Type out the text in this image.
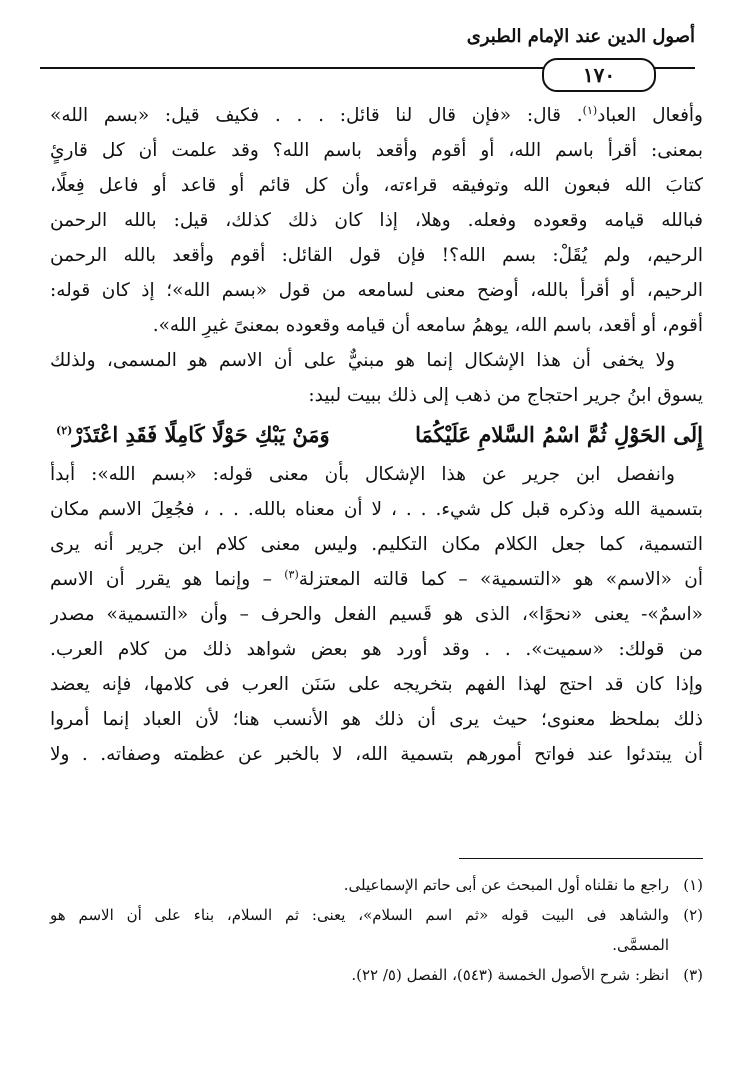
أصول الدين عند الإمام الطبرى
١٧٠
وأفعال العباد$^{(١)}$. قال: «فإن قال لنا قائل: . . . فكيف قيل: «بسم الله»
بمعنى: أقرأ باسم الله، أو أقوم وأقعد باسم الله؟ وقد علمت أن كل قارئٍ
كتابَ الله فبعون الله وتوفيقه قراءته، وأن كل قائم أو قاعد أو فاعل فِعلًا،
فبالله قيامه وقعوده وفعله. وهلا، إذا كان ذلك كذلك، قيل: بالله الرحمن
الرحيم، ولم يُقَلْ: بسم الله؟! فإن قول القائل: أقوم وأقعد بالله الرحمن
الرحيم، أو أقرأ بالله، أوضح معنى لسامعه من قول «بسم الله»؛ إذ كان قوله:
أقوم، أو أقعد، باسم الله، يوهمُ سامعه أن قيامه وقعوده بمعنىً غيرِ الله».
ولا يخفى أن هذا الإشكال إنما هو مبنيٌّ على أن الاسم هو المسمى، ولذلك
يسوق ابنُ جرير احتجاج من ذهب إلى ذلك ببيت لبيد:
إِلَى الحَوْلِ ثُمَّ اسْمُ السَّلامِ عَلَيْكُمَا
وَمَنْ يَبْكِ حَوْلًا كَامِلًا فَقَدِ اعْتَذَرْ$^{(٢)}$
وانفصل ابن جرير عن هذا الإشكال بأن معنى قوله: «بسم الله»: أبدأ
بتسمية الله وذكره قبل كل شيء. . . ، لا أن معناه بالله. . . ، فجُعِلَ الاسم مكان
التسمية، كما جعل الكلام مكان التكليم. وليس معنى كلام ابن جرير أنه يرى
أن «الاسم» هو «التسمية» – كما قالته المعتزلة$^{(٣)}$ – وإنما هو يقرر أن الاسم
«اسمٌ»- يعنى «نحوًا»، الذى هو قَسيم الفعل والحرف – وأن «التسمية» مصدر
من قولك: «سميت». . . وقد أورد هو بعض شواهد ذلك من كلام العرب.
وإذا كان قد احتج لهذا الفهم بتخريجه على سَنَن العرب فى كلامها، فإنه يعضد
ذلك بملحظ معنوى؛ حيث يرى أن ذلك هو الأنسب هنا؛ لأن العباد إنما أمروا
أن يبتدئوا عند فواتح أمورهم بتسمية الله، لا بالخبر عن عظمته وصفاته. . ولا
(١)راجع ما نقلناه أول المبحث عن أبى حاتم الإسماعيلى.
(٢)والشاهد فى البيت قوله «ثم اسم السلام»، يعنى: ثم السلام، بناء على أن الاسم هو
المسمَّى.
(٣)انظر: شرح الأصول الخمسة (٥٤٣)، الفصل (٥/ ٢٢).
